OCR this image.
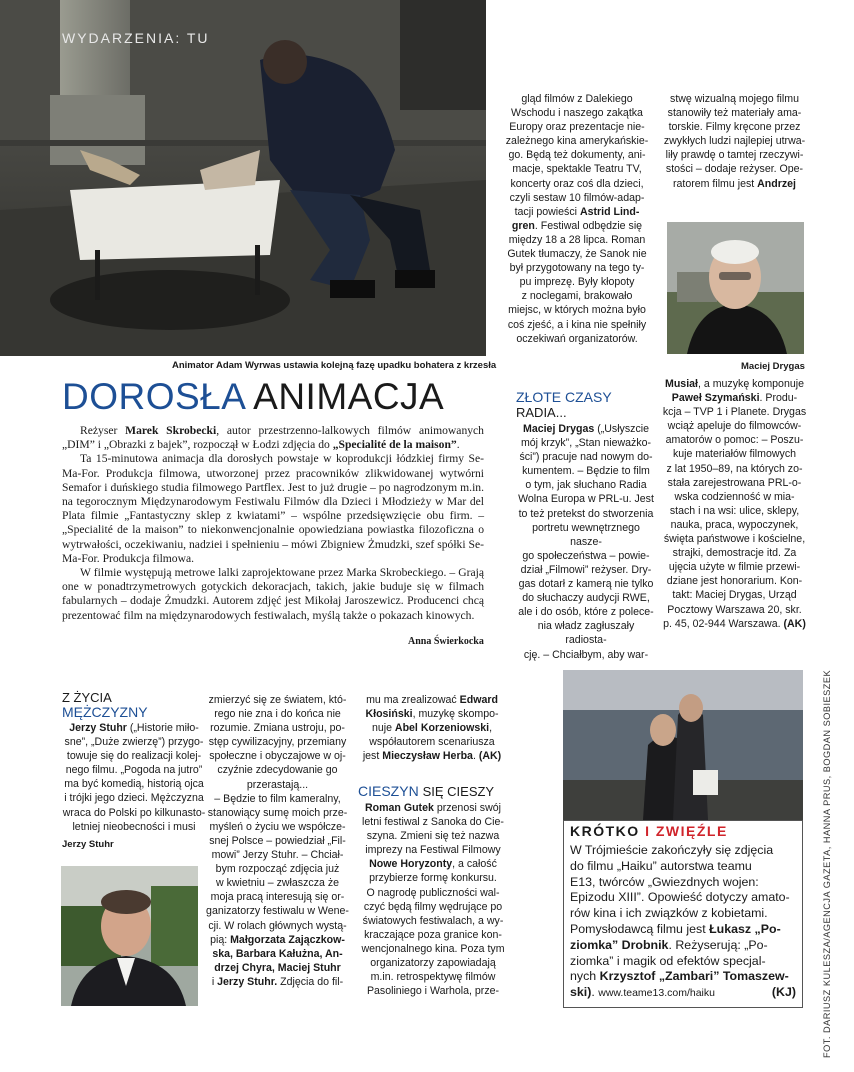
WYDARZENIA: TU
Animator Adam Wyrwas ustawia kolejną fazę upadku bohatera z krzesła
DOROSŁA ANIMACJA

Reżyser Marek Skrobecki, autor przestrzenno-lalkowych filmów animowanych „DIM” i „Obrazki z bajek”, rozpoczął w Łodzi zdjęcia do „Specialité de la maison”.

Ta 15-minutowa animacja dla dorosłych powstaje w koprodukcji łódzkiej firmy Se-Ma-For. Produkcja filmowa, utworzonej przez pracowników zlikwidowanej wytwórni Semafor i duńskiego studia filmowego Partflex. Jest to już drugie – po nagrodzonym m.in. na tegorocznym Międzynarodowym Festiwalu Filmów dla Dzieci i Młodzieży w Mar del Plata filmie „Fantastyczny sklep z kwiatami” – wspólne przedsięwzięcie obu firm. – „Specialité de la maison” to niekonwencjonalnie opowiedziana powiastka filozoficzna o wytrwałości, oczekiwaniu, nadziei i spełnieniu – mówi Zbigniew Żmudzki, szef spółki Se-Ma-For. Produkcja filmowa.

W filmie występują metrowe lalki zaprojektowane przez Marka Skrobeckiego. – Grają one w ponadtrzymetrowych gotyckich dekoracjach, takich, jakie buduje się w filmach fabularnych – dodaje Żmudzki. Autorem zdjęć jest Mikołaj Jaroszewicz. Producenci chcą prezentować film na międzynarodowych festiwalach, myślą także o pokazach kinowych.

Anna Świerkocka
gląd filmów z Dalekiego
Wschodu i naszego zakątka
Europy oraz prezentacje nie-
zależnego kina amerykańskie-
go. Będą też dokumenty, ani-
macje, spektakle Teatru TV,
koncerty oraz coś dla dzieci,
czyli sestaw 10 filmów-adap-
tacji powieści Astrid Lind-
gren. Festiwal odbędzie się
między 18 a 28 lipca. Roman
Gutek tłumaczy, że Sanok nie
był przygotowany na tego ty-
pu imprezę. Były kłopoty
z noclegami, brakowało
miejsc, w których można było
coś zjeść, a i kina nie spełniły
oczekiwań organizatorów.
ZŁOTE CZASY
RADIA...
Maciej Drygas („Usłyszcie
mój krzyk”, „Stan nieważko-
ści”) pracuje nad nowym do-
kumentem. – Będzie to film
o tym, jak słuchano Radia
Wolna Europa w PRL-u. Jest
to też pretekst do stworzenia
portretu wewnętrznego nasze-
go społeczeństwa – powie-
dział „Filmowi” reżyser. Dry-
gas dotarł z kamerą nie tylko
do słuchaczy audycji RWE,
ale i do osób, które z polece-
nia władz zagłuszały radiosta-
cję. – Chciałbym, aby war-
stwę wizualną mojego filmu
stanowiły też materiały ama-
torskie. Filmy kręcone przez
zwykłych ludzi najlepiej utrwa-
liły prawdę o tamtej rzeczywi-
stości – dodaje reżyser. Ope-
ratorem filmu jest Andrzej
Maciej Drygas
Musiał, a muzykę komponuje
Paweł Szymański. Produ-
kcja – TVP 1 i Planete. Drygas
wciąż apeluje do filmowców-
amatorów o pomoc: – Poszu-
kuje materiałów filmowych
z lat 1950–89, na których zo-
stała zarejestrowana PRL-o-
wska codzienność w mia-
stach i na wsi: ulice, sklepy,
nauka, praca, wypoczynek,
święta państwowe i kościelne,
strajki, demostracje itd. Za
ujęcia użyte w filmie przewi-
dziane jest honorarium. Kon-
takt: Maciej Drygas, Urząd
Pocztowy Warszawa 20, skr.
p. 45, 02-944 Warszawa. (AK)
Z ŻYCIA
MĘŻCZYZNY
Jerzy Stuhr („Historie miło-
sne”, „Duże zwierzę”) przygo-
towuje się do realizacji kolej-
nego filmu. „Pogoda na jutro”
ma być komedią, historią ojca
i trójki jego dzieci. Mężczyzna
wraca do Polski po kilkunasto-
letniej nieobecności i musi
Jerzy Stuhr
zmierzyć się ze światem, któ-
rego nie zna i do końca nie
rozumie. Zmiana ustroju, po-
stęp cywilizacyjny, przemiany
społeczne i obyczajowe w oj-
czyźnie zdecydowanie go
przerastają...
– Będzie to film kameralny,
stanowiący sumę moich prze-
myśleń o życiu we współcze-
snej Polsce – powiedział „Fil-
mowi” Jerzy Stuhr. – Chciał-
bym rozpocząć zdjęcia już
w kwietniu – zwłaszcza że
moja pracą interesują się or-
ganizatorzy festiwalu w Wene-
cji. W rolach głównych wystą-
pią: Małgorzata Zajączkow-
ska, Barbara Kałużna, An-
drzej Chyra, Maciej Stuhr
i Jerzy Stuhr. Zdjęcia do fil-
mu ma zrealizować Edward
Kłosiński, muzykę skompo-
nuje Abel Korzeniowski,
współautorem scenariusza
jest Mieczysław Herba. (AK)
CIESZYN SIĘ CIESZY
Roman Gutek przenosi swój
letni festiwal z Sanoka do Cie-
szyna. Zmieni się też nazwa
imprezy na Festiwal Filmowy
Nowe Horyzonty, a całość
przybierze formę konkursu.
O nagrodę publiczności wal-
czyć będą filmy wędrujące po
światowych festiwalach, a wy-
kraczające poza granice kon-
wencjonalnego kina. Poza tym
organizatorzy zapowiadają
m.in. retrospektywę filmów
Pasoliniego i Warhola, prze-
KRÓTKO I ZWIĘŹLE
W Trójmieście zakończyły się zdjęcia
do filmu „Haiku” autorstwa teamu
E13, twórców „Gwiezdnych wojen:
Epizodu XIII”. Opowieść dotyczy amato-
rów kina i ich związków z kobietami.
Pomysłodawcą filmu jest Łukasz „Po-
ziomka” Drobnik. Reżyserują: „Po-
ziomka” i magik od efektów specjal-
nych Krzysztof „Zambari” Tomaszew-
ski). www.teame13.com/haiku	(KJ)	FOT. DARIUSZ KULESZA/AGENCJA GAZETA, HANNA PRUS, BOGDAN SOBIESZEK
